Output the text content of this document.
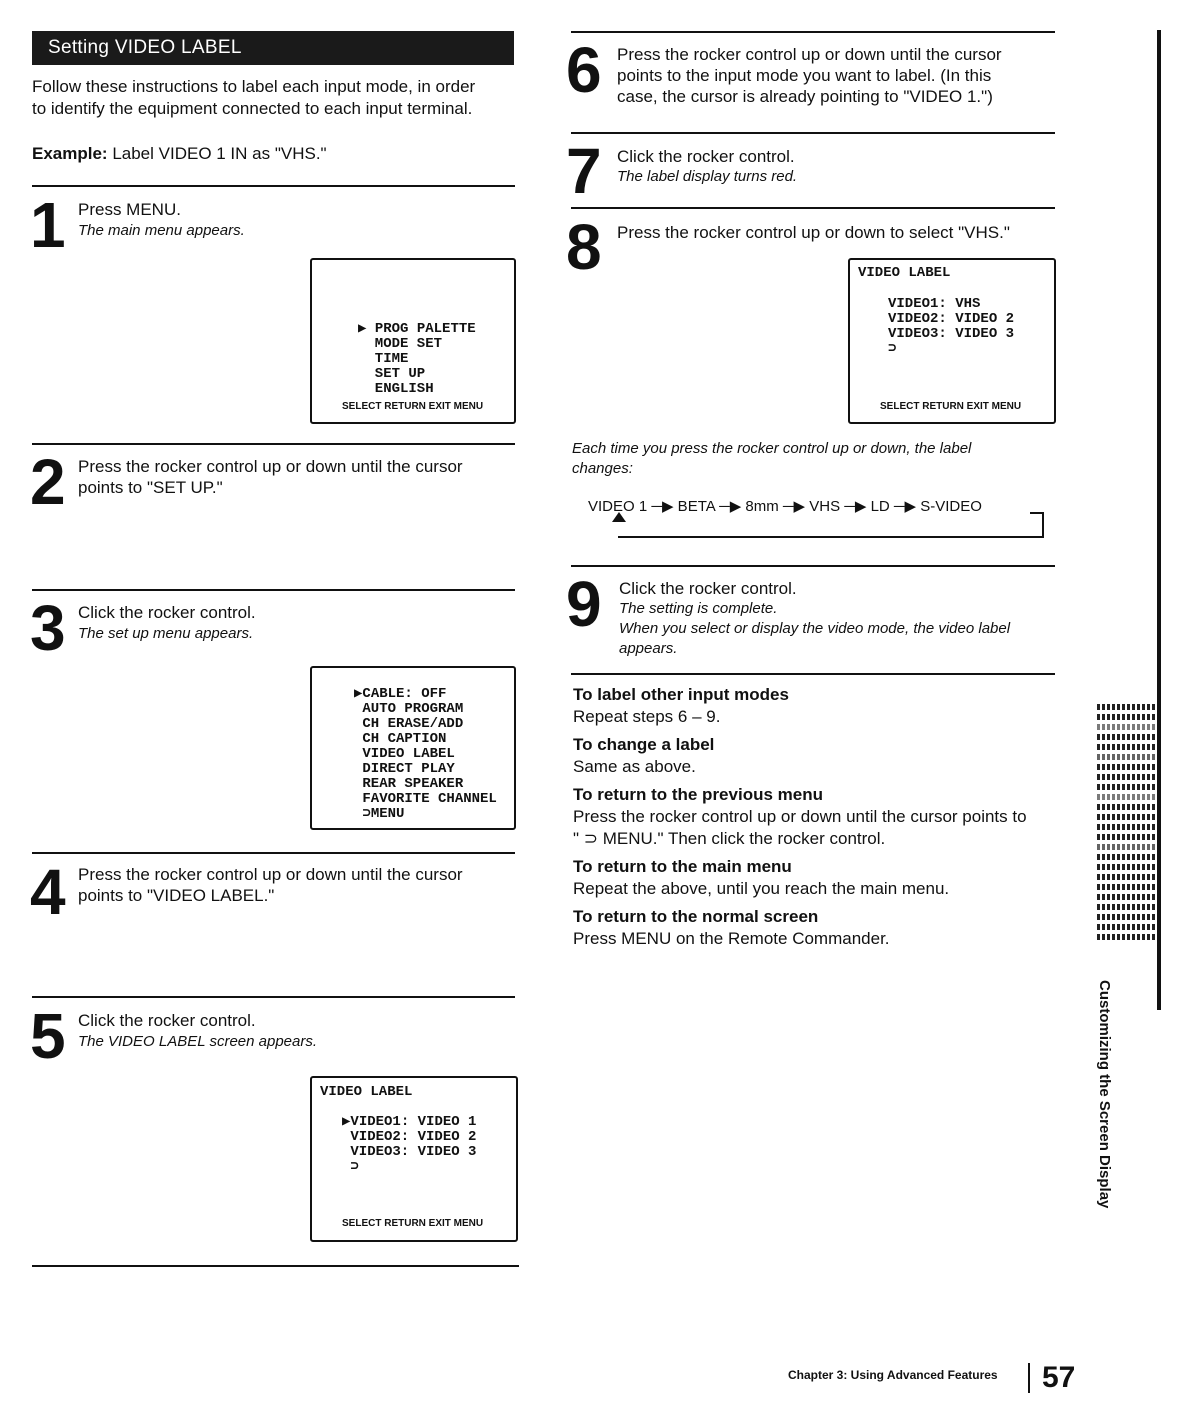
Setting VIDEO LABEL
Follow these instructions to label each input mode, in order
to identify the equipment connected to each input terminal.
Example: Label VIDEO 1 IN as "VHS."
1 Press MENU.
The main menu appears.
▶ PROG PALETTE
MODE SET
TIME
SET UP
ENGLISH
SELECT RETURN EXIT MENU
2 Press the rocker control up or down until the cursor
points to "SET UP."
3 Click the rocker control.
The set up menu appears.

▶CABLE: OFF
AUTO PROGRAM
CH ERASE/ADD
CH CAPTION
VIDEO LABEL
DIRECT PLAY
REAR SPEAKER
FAVORITE CHANNEL
⊃MENU
4 Press the rocker control up or down until the cursor
points to "VIDEO LABEL."
5 Click the rocker control.
The VIDEO LABEL screen appears.
VIDEO LABEL
▶VIDEO1: VIDEO 1
VIDEO2: VIDEO 2
VIDEO3: VIDEO 3
⊃
SELECT RETURN EXIT MENU
6 Press the rocker control up or down until the cursor
points to the input mode you want to label. (In this
case, the cursor is already pointing to "VIDEO 1.")
7 Click the rocker control.
The label display turns red.
8 Press the rocker control up or down to select "VHS."
VIDEO LABEL
VIDEO1: VHS
VIDEO2: VIDEO 2
VIDEO3: VIDEO 3
⊃
SELECT RETURN EXIT MENU
Each time you press the rocker control up or down, the label
changes:
VIDEO 1 ─▶ BETA ─▶ 8mm ─▶ VHS ─▶ LD ─▶ S-VIDEO
9 Click the rocker control.
The setting is complete.
When you select or display the video mode, the video label
appears.
To label other input modes
Repeat steps 6 – 9.
To change a label
Same as above.
To return to the previous menu
Press the rocker control up or down until the cursor points to
" ⊃ MENU." Then click the rocker control.
To return to the main menu
Repeat the above, until you reach the main menu.
To return to the normal screen
Press MENU on the Remote Commander.
Customizing the Screen Display
Chapter 3: Using Advanced Features 57
